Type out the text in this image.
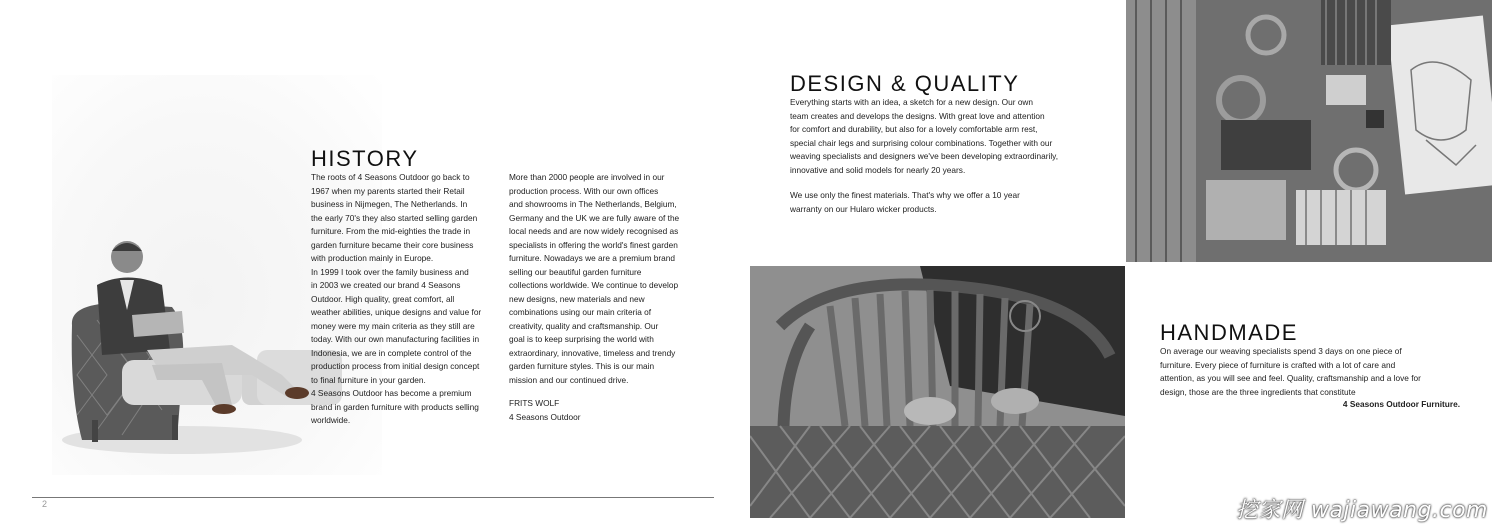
HISTORY

The roots of 4 Seasons Outdoor go back to
1967 when my parents started their Retail
business in Nijmegen, The Netherlands. In
the early 70's they also started selling garden
furniture. From the mid-eighties the trade in
garden furniture became their core business
with production mainly in Europe.
In 1999 I took over the family business and
in 2003 we created our brand 4 Seasons
Outdoor. High quality, great comfort, all
weather abilities, unique designs and value for
money were my main criteria as they still are
today. With our own manufacturing facilities in
Indonesia, we are in complete control of the
production process from initial design concept
to final furniture in your garden.
4 Seasons Outdoor has become a premium
brand in garden furniture with products selling
worldwide.

More than 2000 people are involved in our
production process. With our own offices
and showrooms in The Netherlands, Belgium,
Germany and the UK we are fully aware of the
local needs and are now widely recognised as
specialists in offering the world's finest garden
furniture. Nowadays we are a premium brand
selling our beautiful garden furniture
collections worldwide. We continue to develop
new designs, new materials and new
combinations using our main criteria of
creativity, quality and craftsmanship. Our
goal is to keep surprising the world with
extraordinary, innovative, timeless and trendy
garden furniture styles. This is our main
mission and our continued drive.

FRITS WOLF

4 Seasons Outdoor

2
DESIGN & QUALITY

Everything starts with an idea, a sketch for a new design. Our own
team creates and develops the designs. With great love and attention
for comfort and durability, but also for a lovely comfortable arm rest,
special chair legs and surprising colour combinations. Together with our
weaving specialists and designers we've been developing extraordinarily,
innovative and solid models for nearly 20 years.

We use only the finest materials. That's why we offer a 10 year
warranty on our Hularo wicker products.

HANDMADE

On average our weaving specialists spend 3 days on one piece of
furniture. Every piece of furniture is crafted with a lot of care and
attention, as you will see and feel. Quality, craftsmanship and a love for
design, those are the three ingredients that constitute

4 Seasons Outdoor Furniture.

挖家网 wajiawang.com
